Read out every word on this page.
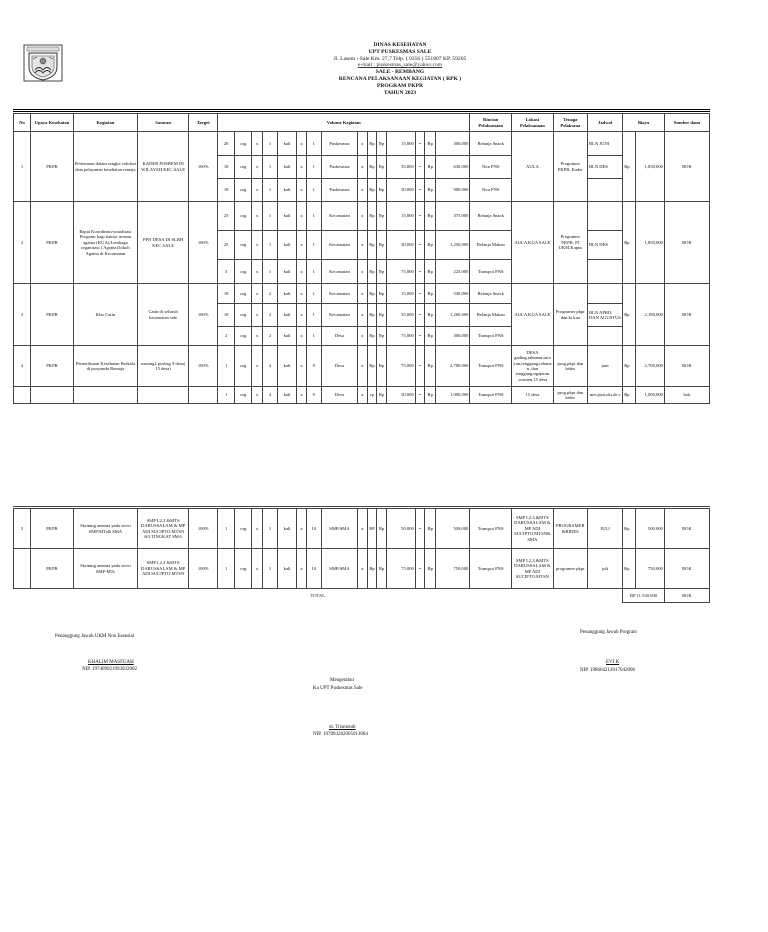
DINAS KESEHATAN
UPT PUSKESMAS SALE
Jl. Lasem - Sale Km. 27,7 Telp. ( 0356 ) 551807 KP. 59265
e-mail : puskesmas_sale@yahoo.com
SALE - REMBANG
RENCANA PELAKSANAAN KEGIATAN ( RPK )
PROGRAM PKPR
TAHUN 2023
No	Upaya Kesehatan	Kegiatan	Sasaran	Target	Volume Kegiatan															Rincian Pelaksanaan	Lokasi Pelaksanaan	Tenaga Pelaksana	Jadwal	Biaya		Sumber dana
1	PKPR	Pertemuan dalam rangka validasi data pelayanan kesehatan remaja	KADER POSREM DI WILAYAH KEC.SALE	100%	20	org	x	1	kali	x	1	Puskesmas	x	Rp	Rp	15,000	=	Rp	300,000	Belanja Snack	AULA	Programer PKPR, Kader	BLN JUNI	Rp	1,830,000	BOK
					18	org	x	1	kali	x	1	Puskesmas	x	Rp	Rp	35,000	=	Rp	630,000	Non PNS			BLN DES			
					18	org	x	1	kali	x	1	Puskesmas	x	Rp	Rp	50,000	=	Rp	900,000	Non PNS						
2	PKPR	Rapat Koordinasi/sosialisasi Program bagi kantor urusan agama (KUA)/Lembaga organisasi ( Agama)/tokoh Agama di Kecamatan	PPN DESA DI SLRH KEC SALE	100%	25	org	x	1	kali	x	1	Kecamatan	x	Rp	Rp	15,000	=	Rp	375,000	Belanja Snack	AULA KUA SALE	Programer PKPR, PJ UKM,Kapus		Rp	1,850,000	BOK
					25	org	x	1	kali	x	1	Kecamatan	x	Rp	Rp	50,000	=	Rp	1,250,000	Belanja Makan			BLN DES			
					3	org	x	1	kali	x	1	Kecamatan	x	Rp	Rp	75,000	=	Rp	225,000	Transpot PNS						
3	PKPR	Klas Catin	Catin di seluruh kecamatan sale	100%	18	org	x	2	kali	x	1	Kecamatan	x	Rp	Rp	15,000	=	Rp	540,000	Belanja Snack	AULA KUA SALE	Programer pkpr dan kt.kua		Rp	2,180,000	BOK
					18	org	x	2	kali	x	1	Kecamatan	x	Rp	Rp	35,000	=	Rp	1,260,000	Belanja Makan			BLN APRIL DAN AGUSTUS			
					2	org	x	2	kali	x	1	Desa	x	Rp	Rp	75,000	=	Rp	300,000	Transpot PNS						
4	PKPR	Pemeriksaan Kesehatan Berkala di posyandu Remaja	masing2 posbag 9 desa( 15 desa)	100%	1	org	x	4	kali	x	9	Desa	x	Rp	Rp	75,000	=	Rp	2,700,000	Transpot PNS	DESA gading,tahunan,mrayun,tenggang,tahunan ,dan tenggang,ngajaran ,wonten,15 desa	prog.pkpr dan bides	juni	Rp	2,700,000	BOK
					1	org	x	4	kali	x	9	Desa	x	rp	Rp	50,000	=	Rp	1,000,000	Transpot PNS	15 desa	prog.pkpr dan bides	mei,juni,okt,de s	Rp	1,000,000	bok
5	PKPR	Skrining anemia pada siswi SMP/MTs& SMA	SMP I,2,3 &MTS DARUSSALAM & MP ADI SUCIPTO.MTSN &3 TINGKAT SMA	100%	1	org	x	1	kali	x	10	SMP/SMA	x	RP	Rp	50,000	=	Rp	500,000	Transpot PNS	SMP I,2,3,&MTS DARUSSALAM & MP ADI SUCIPTO.MTSN& SMA	PROGRAMER &BIDES	JULI	Rp	500,000	BOK
	PKPR	Skrining anemia pada siswi SMP-MTs	SMP I,2,3 &MTS DARUSSALAM & MP ADI SUCIPTO.MTSN	100%	1	org	x	1	kali	x	10	SMP/SMA	x	Rp	Rp	75,000	=	Rp	750,000	Transpot PNS	SMP I,2,3,&MTS DARUSSALAM & MP ADI SUCIPTO.MTSN	programer pkpr	juli	Rp	750,000	BOK
TOTAL																								RP 11.530.000		BOK
Penanggung Jawab UKM Non Esensial
KHALIM MASFUAH
NIP. 197409021993032002
Penanggung Jawab Program
EVI K
NIP. 198604212017042006
Mengetahui
Ka UPT Puskesmas Sale
dr. Trismendi
NIP. 197003282005011004
